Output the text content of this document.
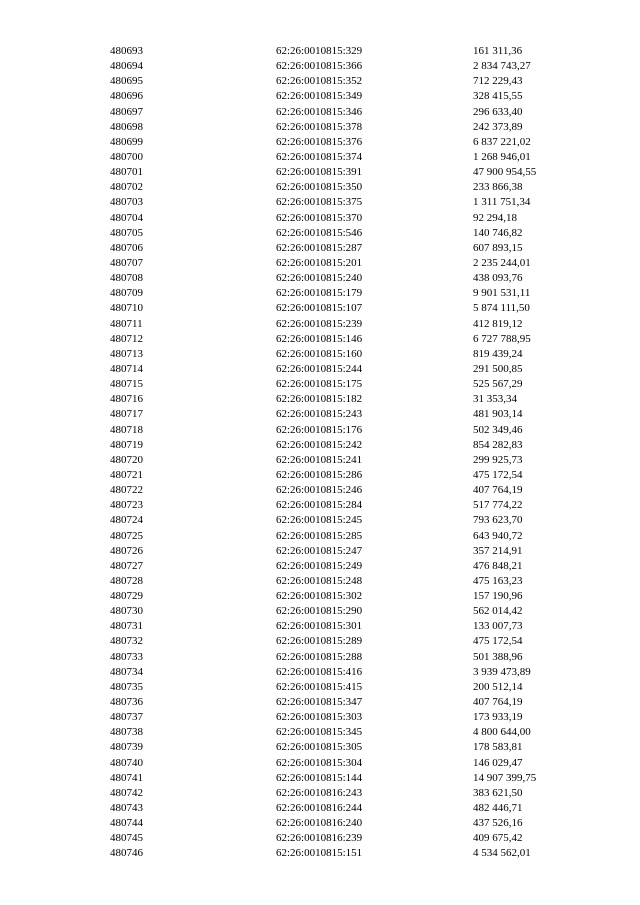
480693	62:26:0010815:329	161 311,36
480694	62:26:0010815:366	2 834 743,27
480695	62:26:0010815:352	712 229,43
480696	62:26:0010815:349	328 415,55
480697	62:26:0010815:346	296 633,40
480698	62:26:0010815:378	242 373,89
480699	62:26:0010815:376	6 837 221,02
480700	62:26:0010815:374	1 268 946,01
480701	62:26:0010815:391	47 900 954,55
480702	62:26:0010815:350	233 866,38
480703	62:26:0010815:375	1 311 751,34
480704	62:26:0010815:370	92 294,18
480705	62:26:0010815:546	140 746,82
480706	62:26:0010815:287	607 893,15
480707	62:26:0010815:201	2 235 244,01
480708	62:26:0010815:240	438 093,76
480709	62:26:0010815:179	9 901 531,11
480710	62:26:0010815:107	5 874 111,50
480711	62:26:0010815:239	412 819,12
480712	62:26:0010815:146	6 727 788,95
480713	62:26:0010815:160	819 439,24
480714	62:26:0010815:244	291 500,85
480715	62:26:0010815:175	525 567,29
480716	62:26:0010815:182	31 353,34
480717	62:26:0010815:243	481 903,14
480718	62:26:0010815:176	502 349,46
480719	62:26:0010815:242	854 282,83
480720	62:26:0010815:241	299 925,73
480721	62:26:0010815:286	475 172,54
480722	62:26:0010815:246	407 764,19
480723	62:26:0010815:284	517 774,22
480724	62:26:0010815:245	793 623,70
480725	62:26:0010815:285	643 940,72
480726	62:26:0010815:247	357 214,91
480727	62:26:0010815:249	476 848,21
480728	62:26:0010815:248	475 163,23
480729	62:26:0010815:302	157 190,96
480730	62:26:0010815:290	562 014,42
480731	62:26:0010815:301	133 007,73
480732	62:26:0010815:289	475 172,54
480733	62:26:0010815:288	501 388,96
480734	62:26:0010815:416	3 939 473,89
480735	62:26:0010815:415	200 512,14
480736	62:26:0010815:347	407 764,19
480737	62:26:0010815:303	173 933,19
480738	62:26:0010815:345	4 800 644,00
480739	62:26:0010815:305	178 583,81
480740	62:26:0010815:304	146 029,47
480741	62:26:0010815:144	14 907 399,75
480742	62:26:0010816:243	383 621,50
480743	62:26:0010816:244	482 446,71
480744	62:26:0010816:240	437 526,16
480745	62:26:0010816:239	409 675,42
480746	62:26:0010815:151	4 534 562,01
